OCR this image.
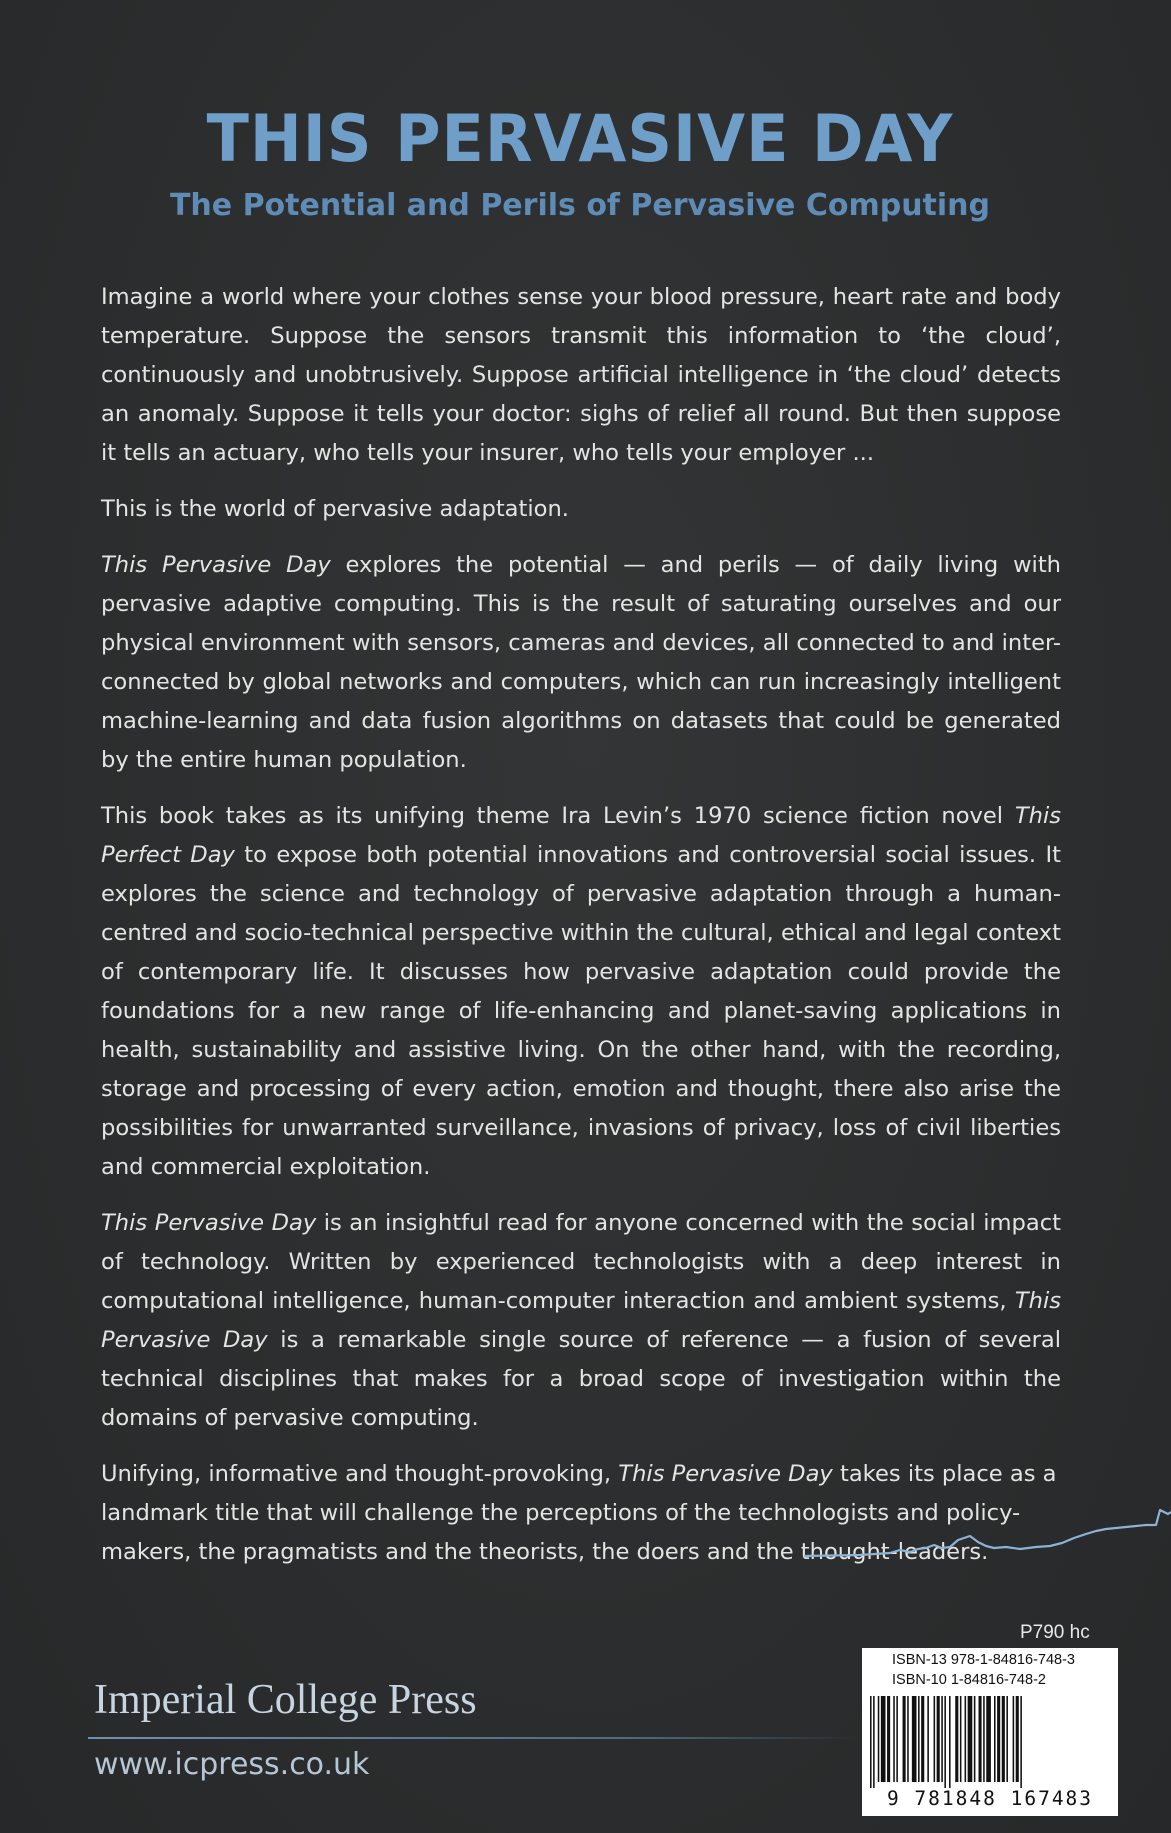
THIS PERVASIVE DAY
The Potential and Perils of Pervasive Computing

Imagine a world where your clothes sense your blood pressure, heart rate and body temperature. Suppose the sensors transmit this information to ‘the cloud’, continuously and unobtrusively. Suppose artificial intelligence in ‘the cloud’ detects an anomaly. Suppose it tells your doctor: sighs of relief all round. But then suppose it tells an actuary, who tells your insurer, who tells your employer ...

This is the world of pervasive adaptation.

This Pervasive Day explores the potential — and perils — of daily living with pervasive adaptive computing. This is the result of saturating ourselves and our physical environment with sensors, cameras and devices, all connected to and inter-connected by global networks and computers, which can run increasingly intelligent machine-learning and data fusion algorithms on datasets that could be generated by the entire human population.

This book takes as its unifying theme Ira Levin’s 1970 science fiction novel This Perfect Day to expose both potential innovations and controversial social issues. It explores the science and technology of pervasive adaptation through a human-centred and socio-technical perspective within the cultural, ethical and legal context of contemporary life. It discusses how pervasive adaptation could provide the foundations for a new range of life-enhancing and planet-saving applications in health, sustainability and assistive living. On the other hand, with the recording, storage and processing of every action, emotion and thought, there also arise the possibilities for unwarranted surveillance, invasions of privacy, loss of civil liberties and commercial exploitation.

This Pervasive Day is an insightful read for anyone concerned with the social impact of technology. Written by experienced technologists with a deep interest in computational intelligence, human-computer interaction and ambient systems, This Pervasive Day is a remarkable single source of reference — a fusion of several technical disciplines that makes for a broad scope of investigation within the domains of pervasive computing.

Unifying, informative and thought-provoking, This Pervasive Day takes its place as a landmark title that will challenge the perceptions of the technologists and policy-makers, the pragmatists and the theorists, the doers and the thought-leaders.

P790 hc
ISBN-13 978-1-84816-748-3
ISBN-10 1-84816-748-2
9 781848 167483
Imperial College Press
www.icpress.co.uk
